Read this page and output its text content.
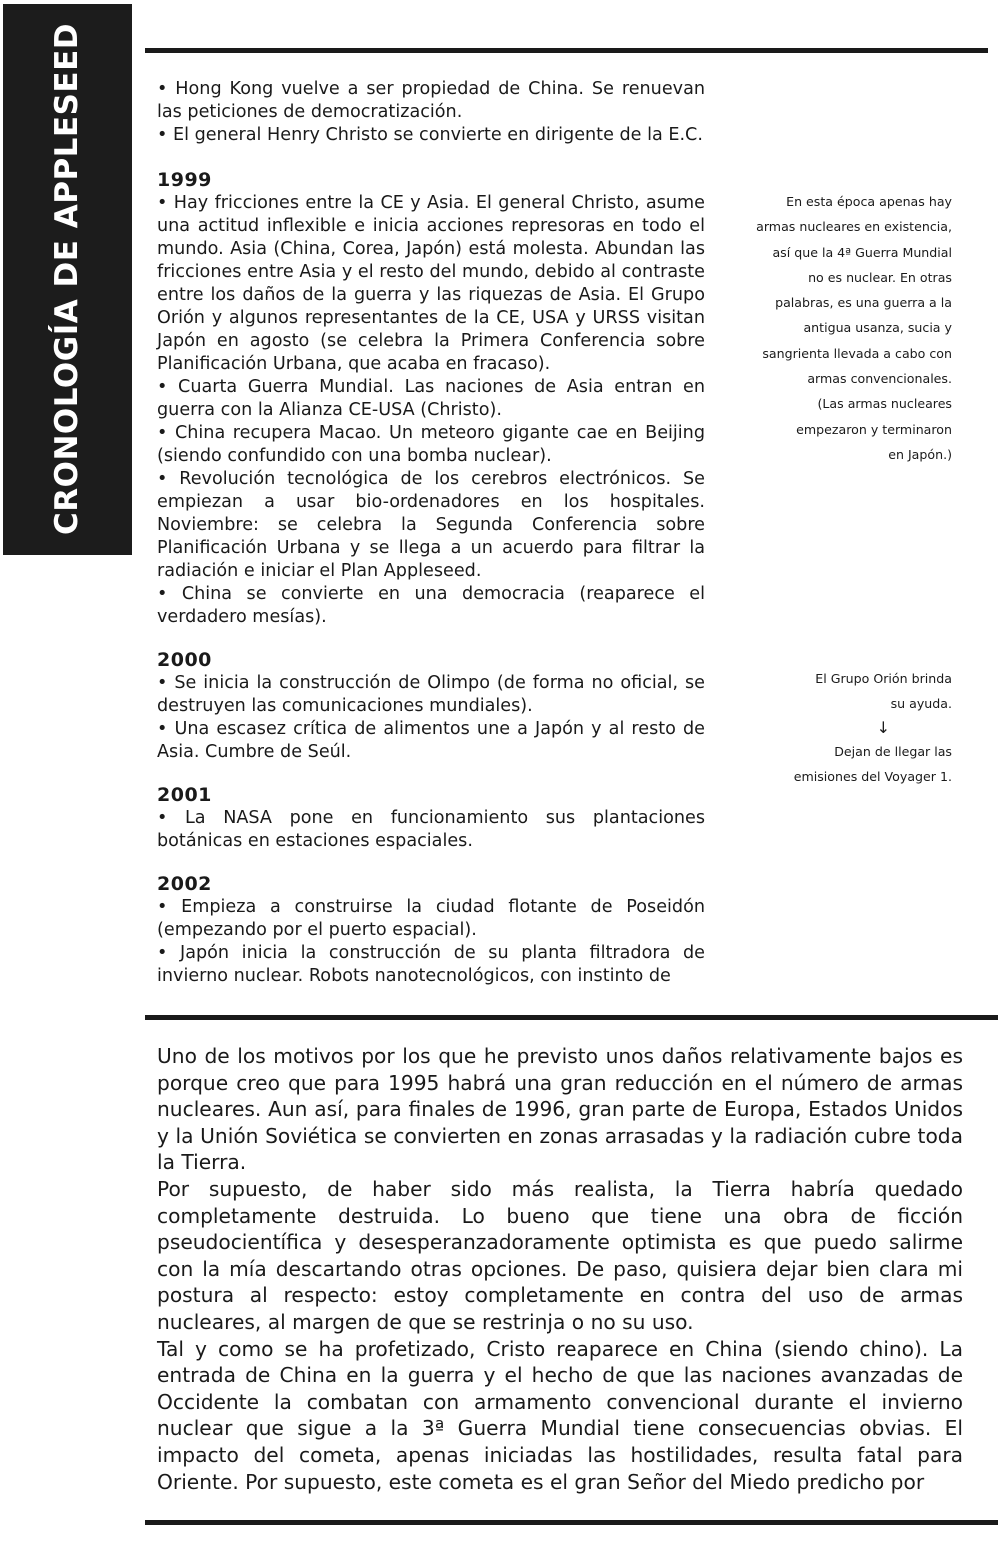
CRONOLOGÍA DE APPLESEED	• Hong Kong vuelve a ser propiedad de China. Se renuevan las peticiones de democratización.

• El general Henry Christo se convierte en dirigente de la E.C.

1999

• Hay fricciones entre la CE y Asia. El general Christo, asume una actitud inflexible e inicia acciones represoras en todo el mundo. Asia (China, Corea, Japón) está molesta. Abundan las fricciones entre Asia y el resto del mundo, debido al contraste entre los daños de la guerra y las riquezas de Asia. El Grupo Orión y algunos representantes de la CE, USA y URSS visitan Japón en agosto (se celebra la Primera Conferencia sobre Planificación Urbana, que acaba en fracaso).

• Cuarta Guerra Mundial. Las naciones de Asia entran en guerra con la Alianza CE-USA (Christo).

• China recupera Macao. Un meteoro gigante cae en Beijing (siendo confundido con una bomba nuclear).

• Revolución tecnológica de los cerebros electrónicos. Se empiezan a usar bio-ordenadores en los hospitales. Noviembre: se celebra la Segunda Conferencia sobre Planificación Urbana y se llega a un acuerdo para filtrar la radiación e iniciar el Plan Appleseed.

• China se convierte en una democracia (reaparece el verdadero mesías).

2000

• Se inicia la construcción de Olimpo (de forma no oficial, se destruyen las comunicaciones mundiales).

• Una escasez crítica de alimentos une a Japón y al resto de Asia. Cumbre de Seúl.

2001

• La NASA pone en funcionamiento sus plantaciones botánicas en estaciones espaciales.

2002

• Empieza a construirse la ciudad flotante de Poseidón (empezando por el puerto espacial).

• Japón inicia la construcción de su planta filtradora de invierno nuclear. Robots nanotecnológicos, con instinto de

En esta época apenas hay
armas nucleares en existencia,
así que la 4ª Guerra Mundial
no es nuclear. En otras
palabras, es una guerra a la
antigua usanza, sucia y
sangrienta llevada a cabo con
armas convencionales.
(Las armas nucleares
empezaron y terminaron
en Japón.)
El Grupo Orión brinda
su ayuda.
↓
Dejan de llegar las
emisiones del Voyager 1.

Uno de los motivos por los que he previsto unos daños relativamente bajos es porque creo que para 1995 habrá una gran reducción en el número de armas nucleares. Aun así, para finales de 1996, gran parte de Europa, Estados Unidos y la Unión Soviética se convierten en zonas arrasadas y la radiación cubre toda la Tierra.

Por supuesto, de haber sido más realista, la Tierra habría quedado completamente destruida. Lo bueno que tiene una obra de ficción pseudocientífica y desesperanzadoramente optimista es que puedo salirme con la mía descartando otras opciones. De paso, quisiera dejar bien clara mi postura al respecto: estoy completamente en contra del uso de armas nucleares, al margen de que se restrinja o no su uso.

Tal y como se ha profetizado, Cristo reaparece en China (siendo chino). La entrada de China en la guerra y el hecho de que las naciones avanzadas de Occidente la combatan con armamento convencional durante el invierno nuclear que sigue a la 3ª Guerra Mundial tiene consecuencias obvias. El impacto del cometa, apenas iniciadas las hostilidades, resulta fatal para Oriente. Por supuesto, este cometa es el gran Señor del Miedo predicho por
